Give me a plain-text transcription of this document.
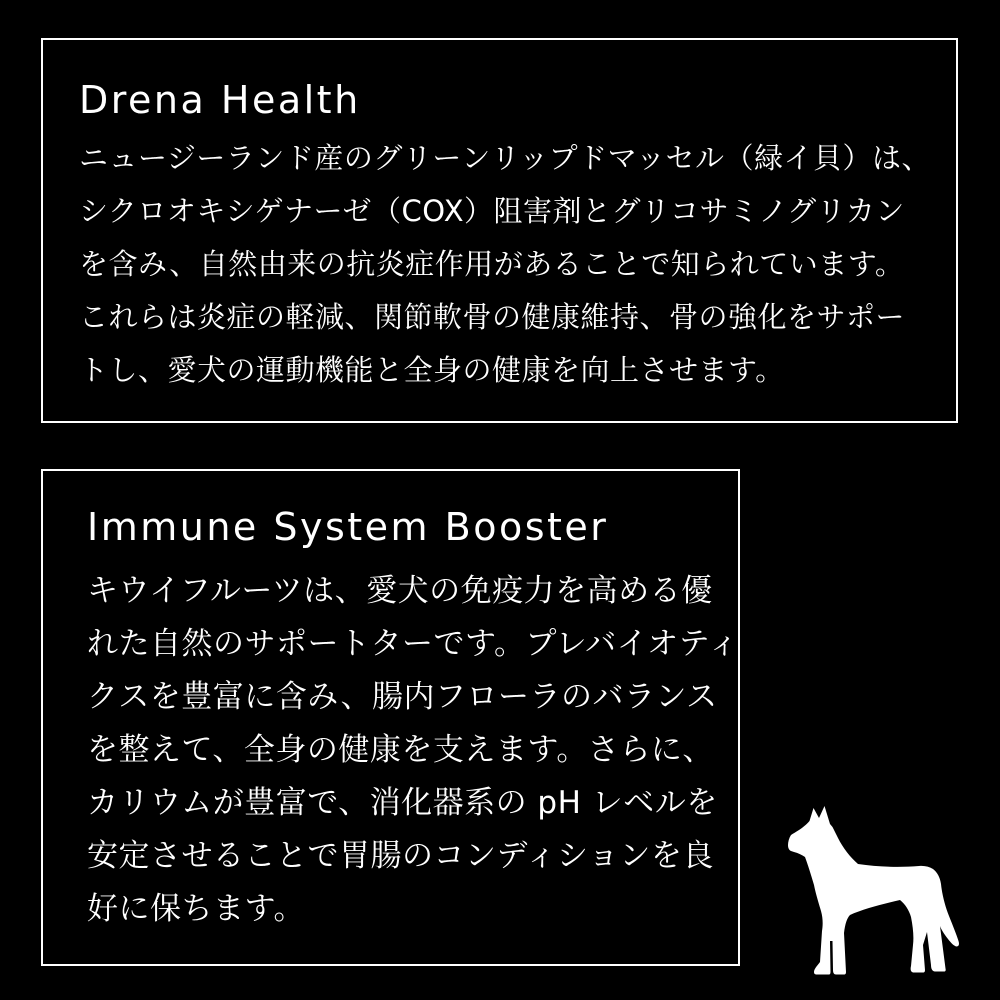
Drena Health
ニュージーランド産のグリーンリップドマッセル（緑イ貝）は、
シクロオキシゲナーゼ（COX）阻害剤とグリコサミノグリカン
を含み、自然由来の抗炎症作用があることで知られています。
これらは炎症の軽減、関節軟骨の健康維持、骨の強化をサポー
トし、愛犬の運動機能と全身の健康を向上させます。
Immune System Booster
キウイフルーツは、愛犬の免疫力を高める優
れた自然のサポートターです。プレバイオティ
クスを豊富に含み、腸内フローラのバランス
を整えて、全身の健康を支えます。さらに、
カリウムが豊富で、消化器系の pH レベルを
安定させることで胃腸のコンディションを良
好に保ちます。
